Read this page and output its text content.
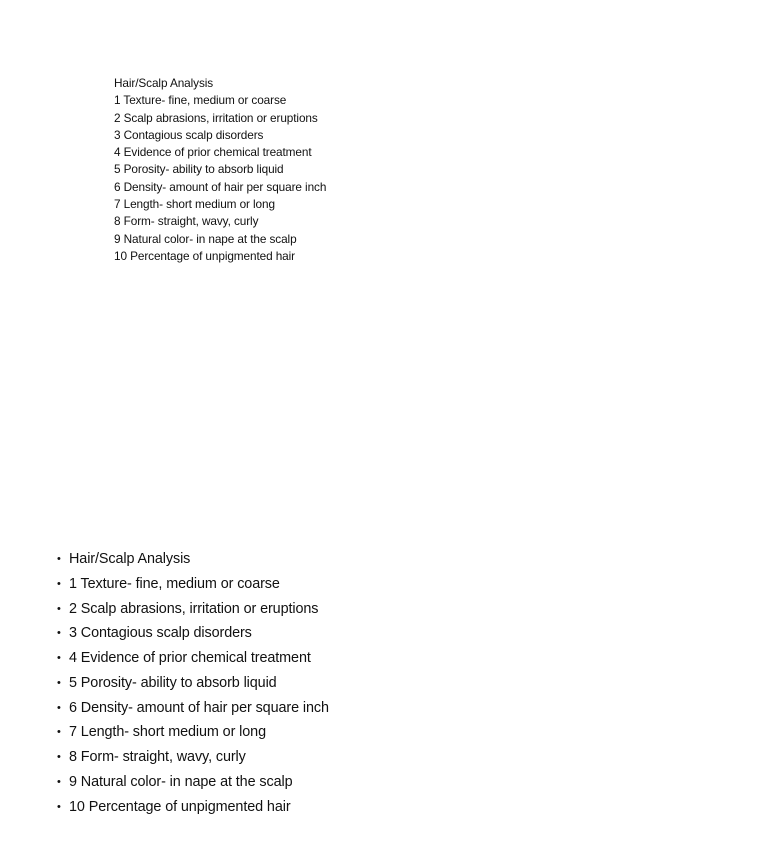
Hair/Scalp Analysis
1 Texture- fine, medium or coarse
2 Scalp abrasions, irritation or eruptions
3 Contagious scalp disorders
4 Evidence of prior chemical treatment
5 Porosity- ability to absorb liquid
6 Density- amount of hair per square inch
7 Length- short medium or long
8 Form- straight, wavy, curly
9 Natural color- in nape at the scalp
10 Percentage of unpigmented hair
• Hair/Scalp Analysis
• 1 Texture- fine, medium or coarse
• 2 Scalp abrasions, irritation or eruptions
• 3 Contagious scalp disorders
• 4 Evidence of prior chemical treatment
• 5 Porosity- ability to absorb liquid
• 6 Density- amount of hair per square inch
• 7 Length- short medium or long
• 8 Form- straight, wavy, curly
• 9 Natural color- in nape at the scalp
• 10 Percentage of unpigmented hair
